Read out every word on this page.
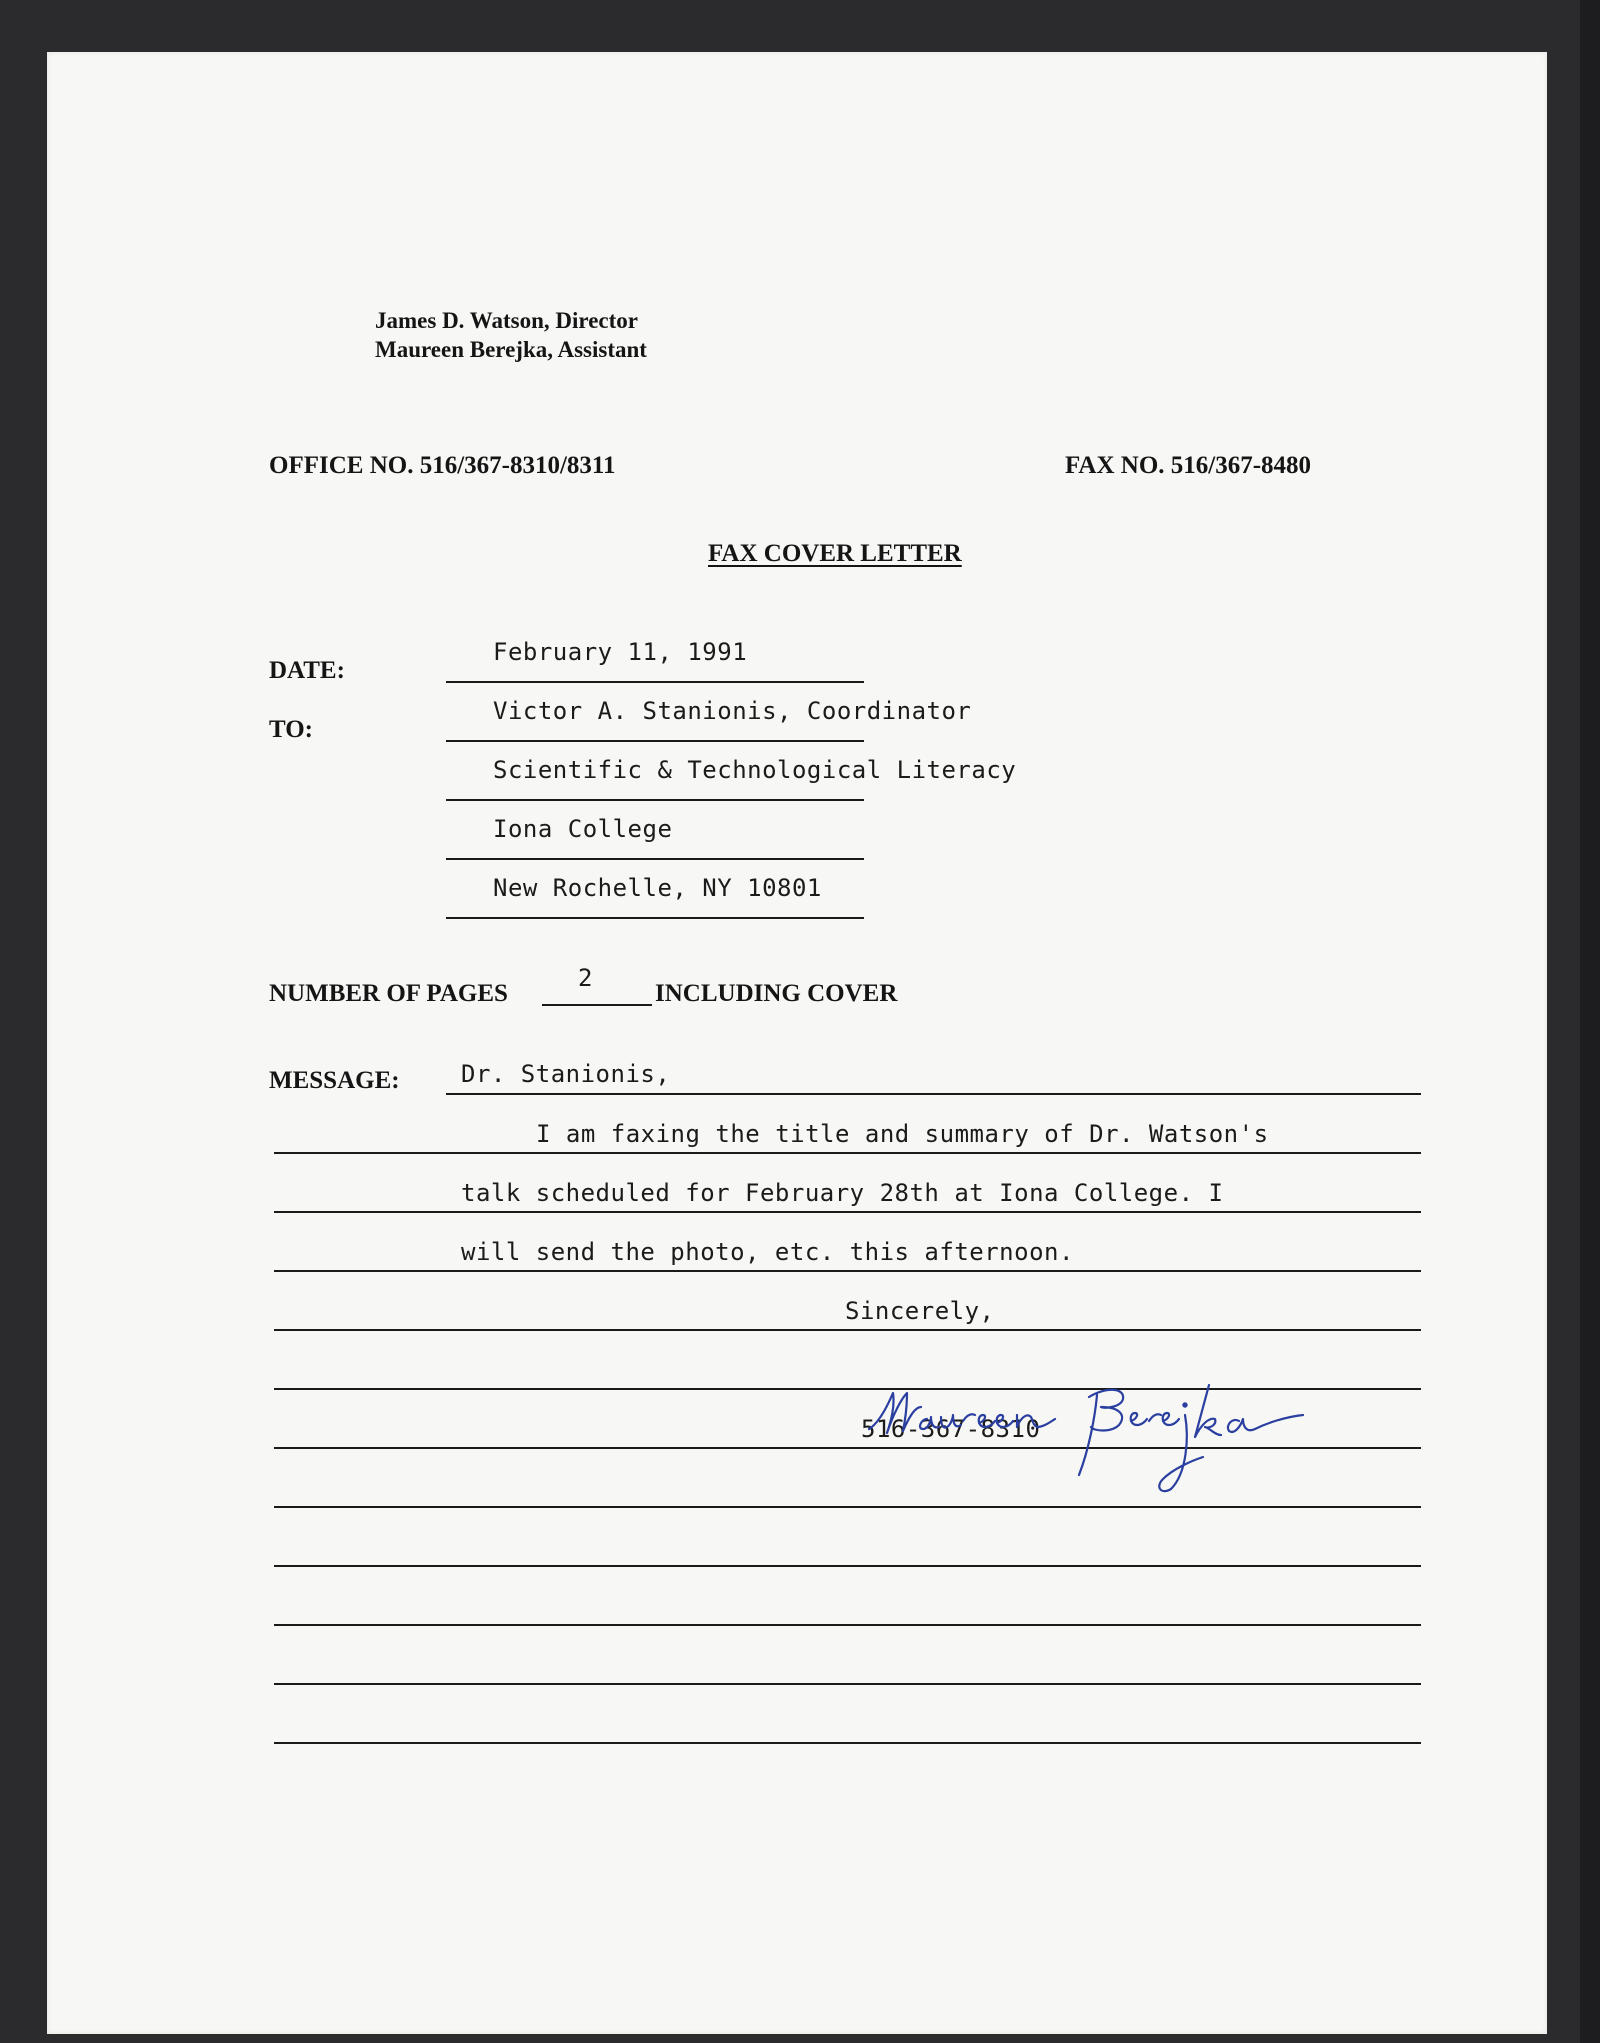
James D. Watson, Director
Maureen Berejka, Assistant
OFFICE NO. 516/367-8310/8311	FAX NO. 516/367-8480
FAX COVER LETTER
DATE:
February 11, 1991
TO:
Victor A. Stanionis, Coordinator
Scientific & Technological Literacy
Iona College
New Rochelle, NY 10801
NUMBER OF PAGES
2
INCLUDING COVER
MESSAGE:	Dr. Stanionis,
I am faxing the title and summary of Dr. Watson's
talk scheduled for February 28th at Iona College. I
will send the photo, etc. this afternoon.
Sincerely,
516-367-8310
